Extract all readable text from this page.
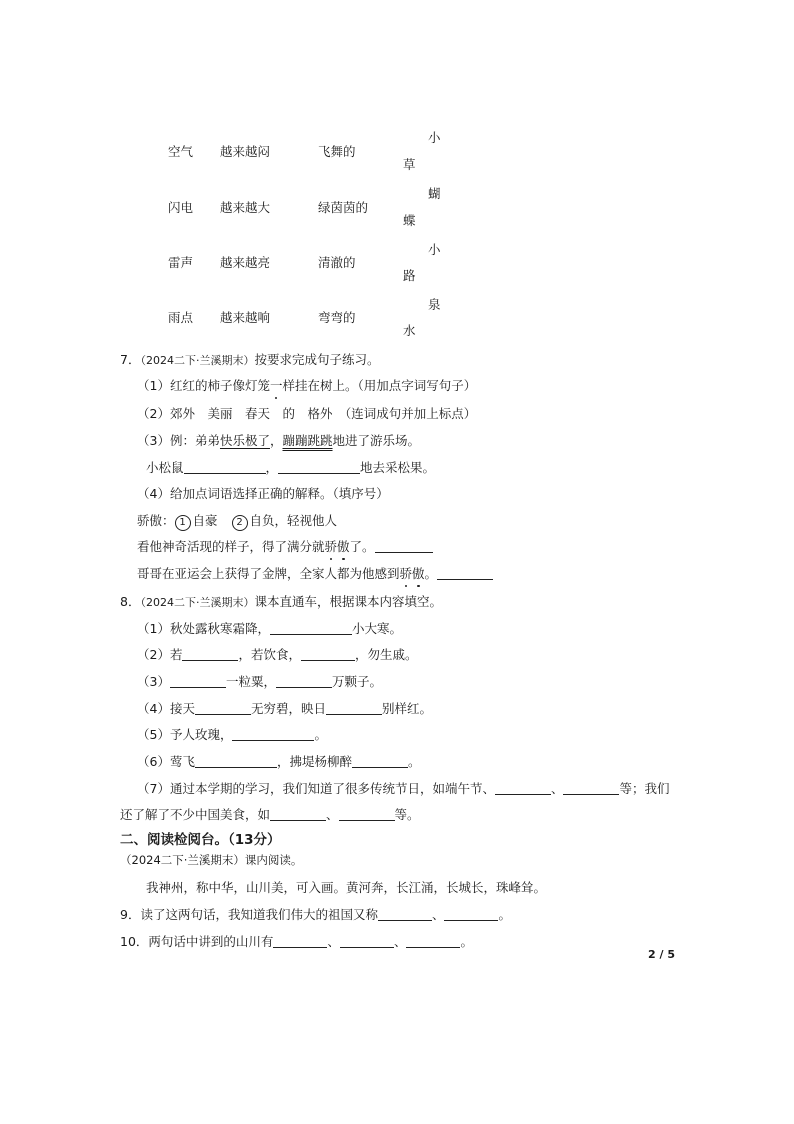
空气 越来越闷	飞舞的
小
草
闪电 越来越大	绿茵茵的
蝴
蝶
雷声 越来越亮	清澈的
小
路
雨点 越来越响	弯弯的
泉
水
7．（2024二下·兰溪期末）按要求完成句子练习。
（1）红红的柿子像灯笼一样挂在树上。（用加点字词写句子）
（2）郊外　美丽　春天　的　格外　（连词成句并加上标点）
（3）例：弟弟快乐极了，蹦蹦跳跳地进了游乐场。
小松鼠	，	地去采松果。
（4）给加点词语选择正确的解释。（填序号）
骄傲： 1 自豪 2 自负，轻视他人
看他神奇活现的样子，得了满分就骄傲了。
哥哥在亚运会上获得了金牌，全家人都为他感到骄傲。
8．（2024二下·兰溪期末）课本直通车，根据课本内容填空。
（1）秋处露秋寒霜降，	小大寒。
（2）若	，若饮食，	，勿生戚。
（3）	一粒粟，	万颗子。
（4）接天	无穷碧，映日	别样红。
（5）予人玫瑰，	。
（6）莺飞	，拂堤杨柳醉	。
（7）通过本学期的学习，我们知道了很多传统节日，如端午节、	、	等；我们
还了解了不少中国美食，如	、	等。
二、阅读检阅台。（13分）
（2024二下·兰溪期末）课内阅读。
我神州，称中华，山川美，可入画。黄河奔，长江涌，长城长，珠峰耸。
9．读了这两句话，我知道我们伟大的祖国又称	、	。
10．两句话中讲到的山川有	、	、	。
2 / 5
